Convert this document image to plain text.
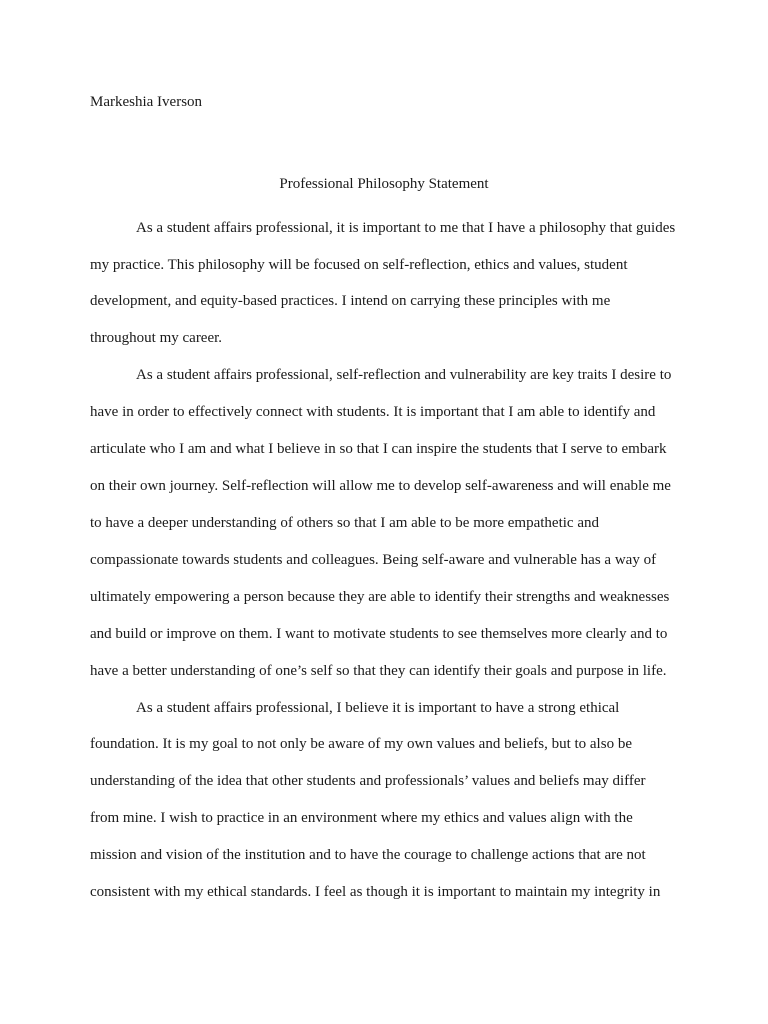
Markeshia Iverson
Professional Philosophy Statement
As a student affairs professional, it is important to me that I have a philosophy that guides
my practice. This philosophy will be focused on self-reflection, ethics and values, student
development, and equity-based practices. I intend on carrying these principles with me
throughout my career.
As a student affairs professional, self-reflection and vulnerability are key traits I desire to
have in order to effectively connect with students. It is important that I am able to identify and
articulate who I am and what I believe in so that I can inspire the students that I serve to embark
on their own journey. Self-reflection will allow me to develop self-awareness and will enable me
to have a deeper understanding of others so that I am able to be more empathetic and
compassionate towards students and colleagues. Being self-aware and vulnerable has a way of
ultimately empowering a person because they are able to identify their strengths and weaknesses
and build or improve on them. I want to motivate students to see themselves more clearly and to
have a better understanding of one’s self so that they can identify their goals and purpose in life.
As a student affairs professional, I believe it is important to have a strong ethical
foundation. It is my goal to not only be aware of my own values and beliefs, but to also be
understanding of the idea that other students and professionals’ values and beliefs may differ
from mine. I wish to practice in an environment where my ethics and values align with the
mission and vision of the institution and to have the courage to challenge actions that are not
consistent with my ethical standards. I feel as though it is important to maintain my integrity in
